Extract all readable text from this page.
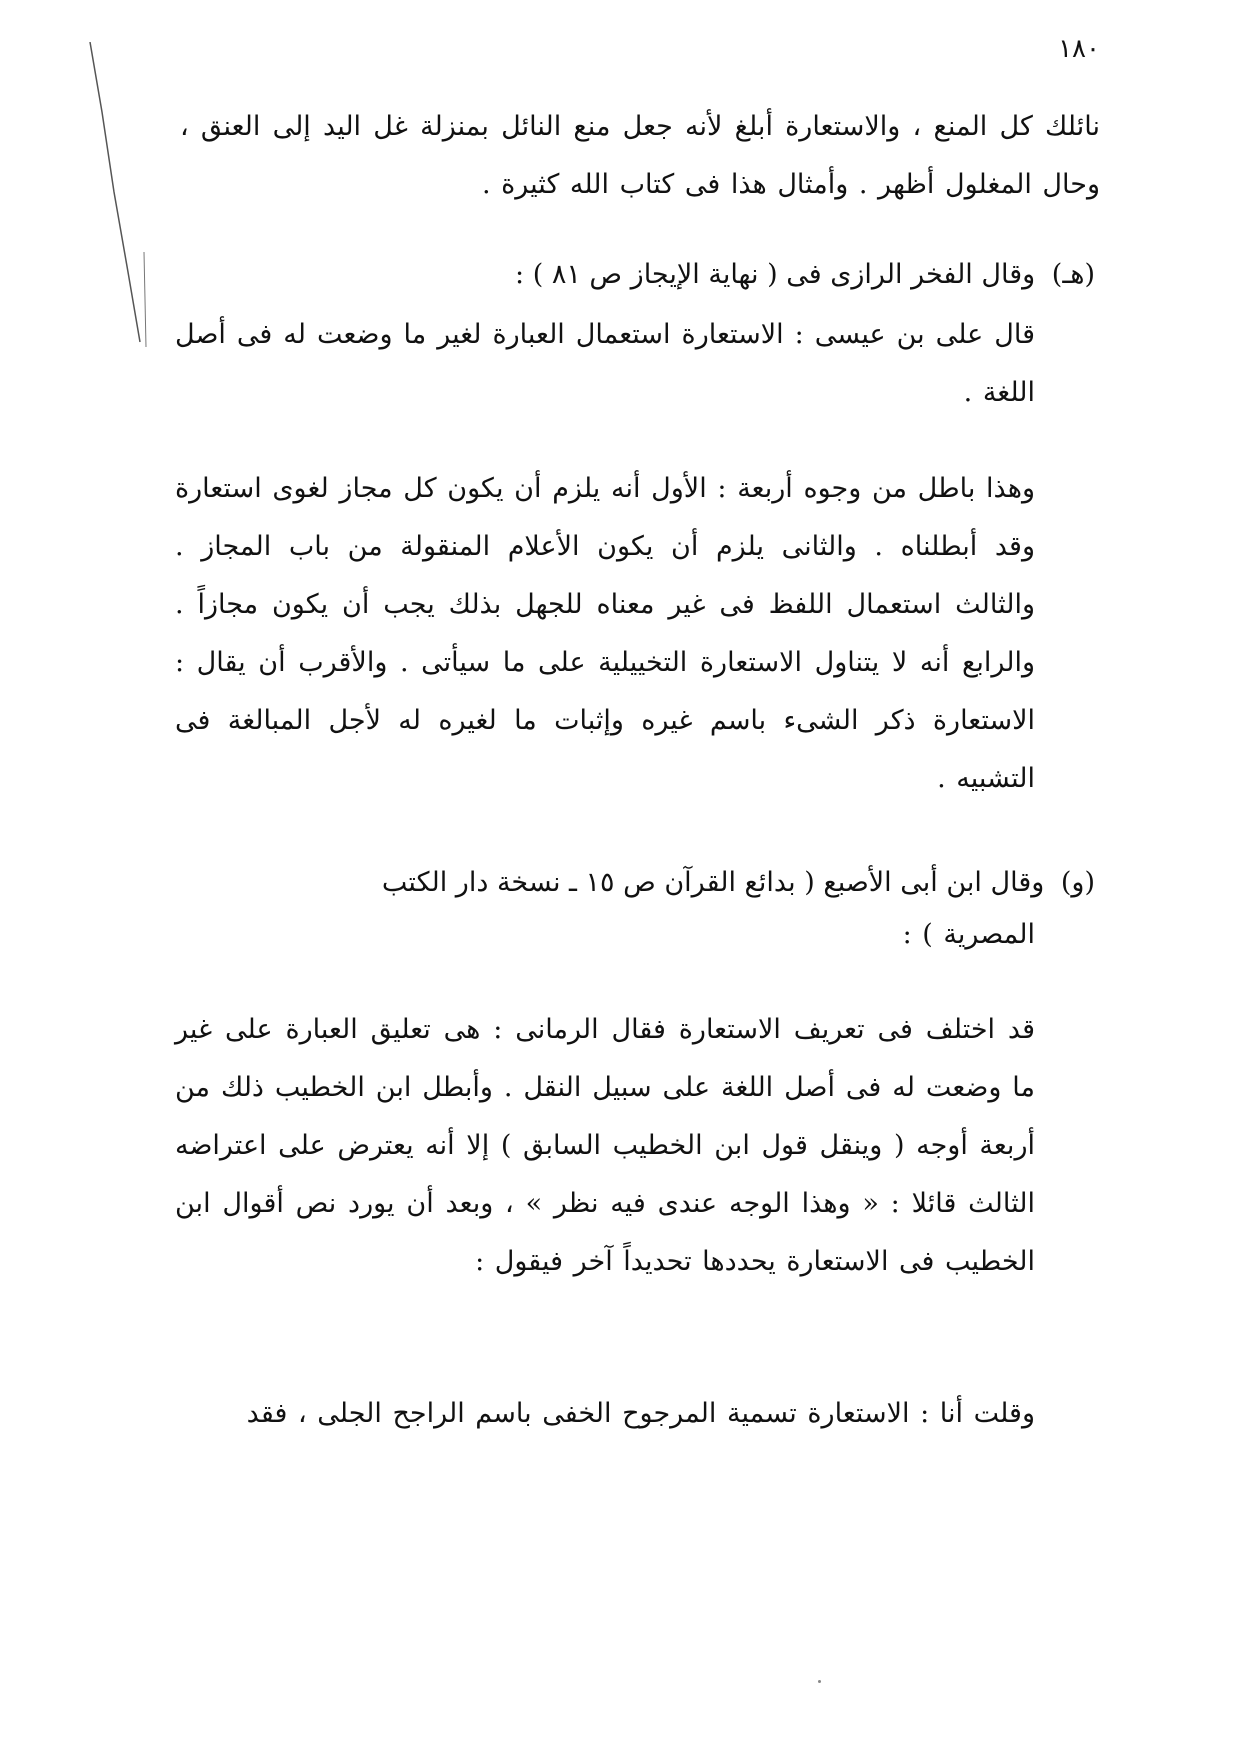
١٨٠
نائلك كل المنع ، والاستعارة أبلغ لأنه جعل منع النائل بمنزلة غل اليد إلى العنق ، وحال المغلول أظهر . وأمثال هذا فى كتاب الله كثيرة .
(هـ) وقال الفخر الرازى فى ( نهاية الإيجاز ص ٨١ ) :
قال على بن عيسى : الاستعارة استعمال العبارة لغير ما وضعت له فى أصل اللغة .
وهذا باطل من وجوه أربعة : الأول أنه يلزم أن يكون كل مجاز لغوى استعارة وقد أبطلناه . والثانى يلزم أن يكون الأعلام المنقولة من باب المجاز . والثالث استعمال اللفظ فى غير معناه للجهل بذلك يجب أن يكون مجازاً . والرابع أنه لا يتناول الاستعارة التخييلية على ما سيأتى . والأقرب أن يقال : الاستعارة ذكر الشىء باسم غيره وإثبات ما لغيره له لأجل المبالغة فى التشبيه .
(و) وقال ابن أبى الأصبع ( بدائع القرآن ص ١٥ ـ نسخة دار الكتب
المصرية ) :
قد اختلف فى تعريف الاستعارة فقال الرمانى : هى تعليق العبارة على غير ما وضعت له فى أصل اللغة على سبيل النقل . وأبطل ابن الخطيب ذلك من أربعة أوجه ( وينقل قول ابن الخطيب السابق ) إلا أنه يعترض على اعتراضه الثالث قائلا : « وهذا الوجه عندى فيه نظر » ، وبعد أن يورد نص أقوال ابن الخطيب فى الاستعارة يحددها تحديداً آخر فيقول :
وقلت أنا : الاستعارة تسمية المرجوح الخفى باسم الراجح الجلى ، فقد
